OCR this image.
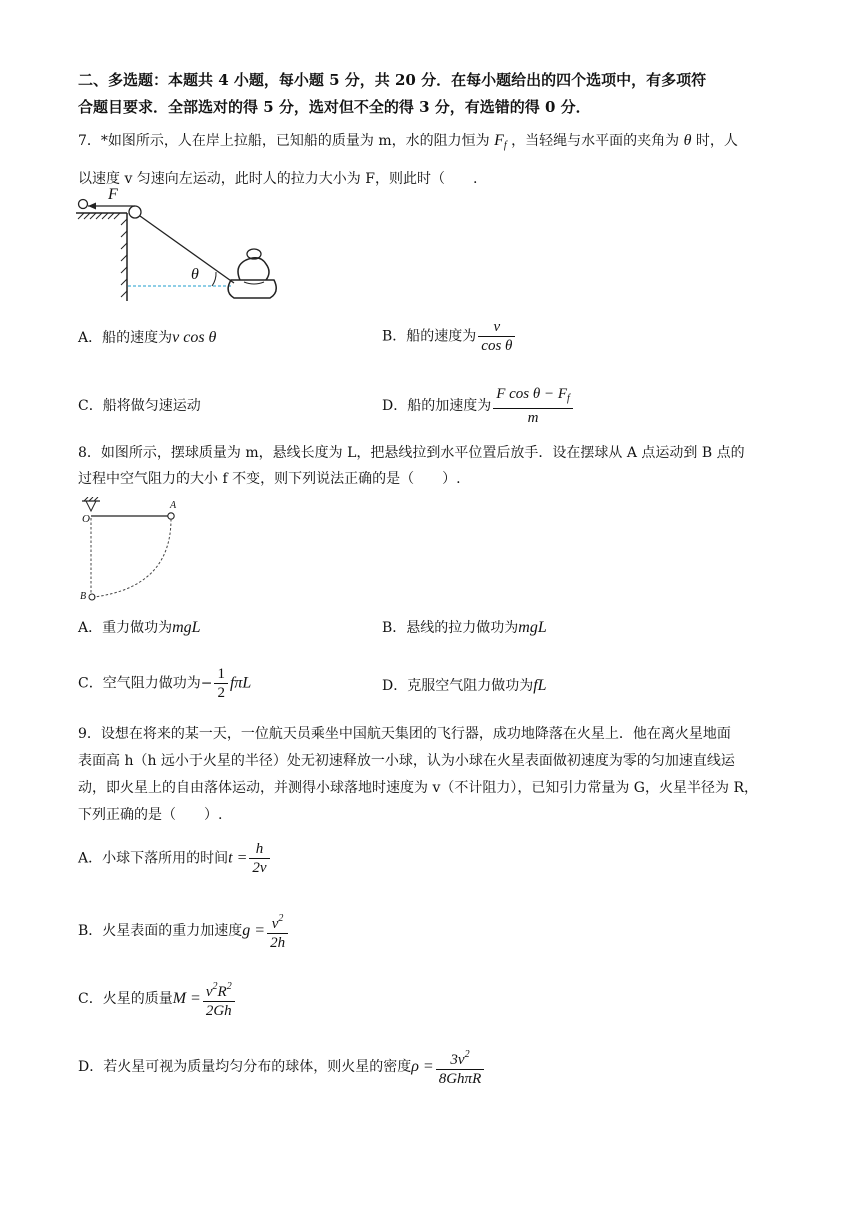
二、多选题：本题共 4 小题，每小题 5 分，共 20 分．在每小题给出的四个选项中，有多项符
合题目要求．全部选对的得 5 分，选对但不全的得 3 分，有选错的得 0 分．
7．*如图所示，人在岸上拉船，已知船的质量为 m，水的阻力恒为 $F_f$ ，当轻绳与水平面的夹角为 θ 时，人
以速度 v 匀速向左运动，此时人的拉力大小为 F，则此时（　　.
F
θ
A．船的速度为v cos θ	B．船的速度为 $\frac{v}{\text{cos θ}}$
C．船将做匀速运动	D．船的加速度为 $\frac{F \cos \theta - F_f}{m}$
8．如图所示，摆球质量为 m，悬线长度为 L，把悬线拉到水平位置后放手．设在摆球从 A 点运动到 B 点的
过程中空气阻力的大小 f 不变，则下列说法正确的是（　　）.
O
A
B
A．重力做功为mgL	B．悬线的拉力做功为mgL
C．空气阻力做功为− $\frac{1}{2}$ fπL	D．克服空气阻力做功为fL
9．设想在将来的某一天，一位航天员乘坐中国航天集团的飞行器，成功地降落在火星上．他在离火星地面
表面高 h（h 远小于火星的半径）处无初速释放一小球，认为小球在火星表面做初速度为零的匀加速直线运
动，即火星上的自由落体运动，并测得小球落地时速度为 v（不计阻力），已知引力常量为 G，火星半径为 R，
下列正确的是（　　）.
A．小球下落所用的时间$t = \frac{h}{2v}$
B．火星表面的重力加速度$g = \frac{v^2}{2h}$
C．火星的质量$M = \frac{v^2R^2}{2Gh}$
D．若火星可视为质量均匀分布的球体，则火星的密度$\rho = \frac{3v^2}{\text{8GhπR}}$
